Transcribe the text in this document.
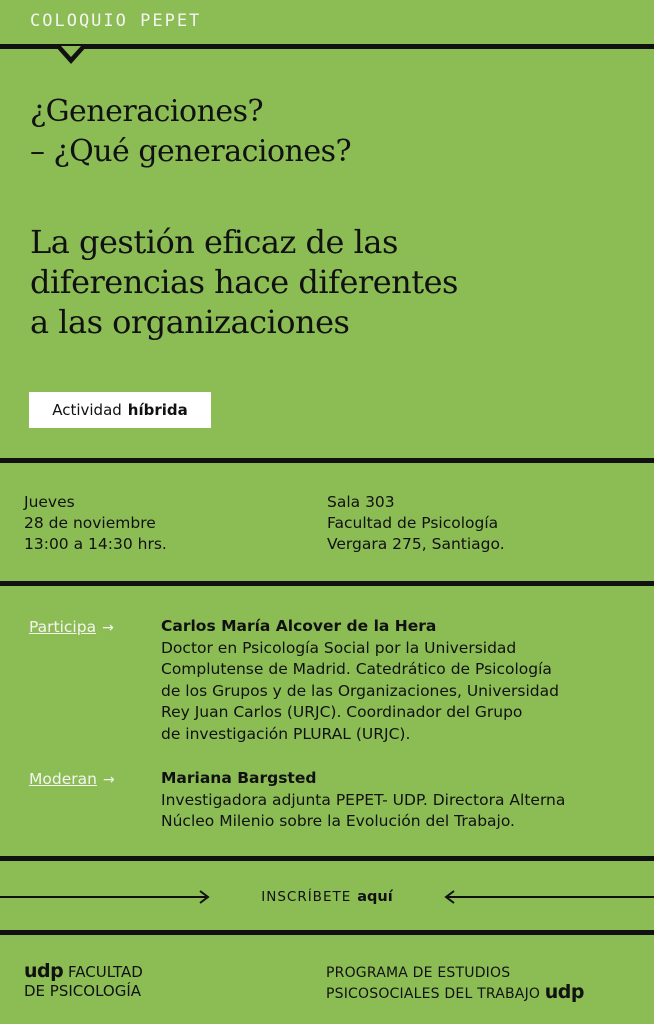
COLOQUIO PEPET
¿Generaciones?
– ¿Qué generaciones?
La gestión eficaz de las
diferencias hace diferentes
a las organizaciones
Actividad híbrida
Jueves
28 de noviembre
13:00 a 14:30 hrs.
Sala 303
Facultad de Psicología
Vergara 275, Santiago.
Participa →	Carlos María Alcover de la Hera
Doctor en Psicología Social por la Universidad
Complutense de Madrid. Catedrático de Psicología
de los Grupos y de las Organizaciones, Universidad
Rey Juan Carlos (URJC). Coordinador del Grupo
de investigación PLURAL (URJC).
Moderan →	Mariana Bargsted
Investigadora adjunta PEPET- UDP. Directora Alterna
Núcleo Milenio sobre la Evolución del Trabajo.
INSCRÍBETE aquí
udp FACULTAD
DE PSICOLOGÍA
PROGRAMA DE ESTUDIOS
PSICOSOCIALES DEL TRABAJO udp
